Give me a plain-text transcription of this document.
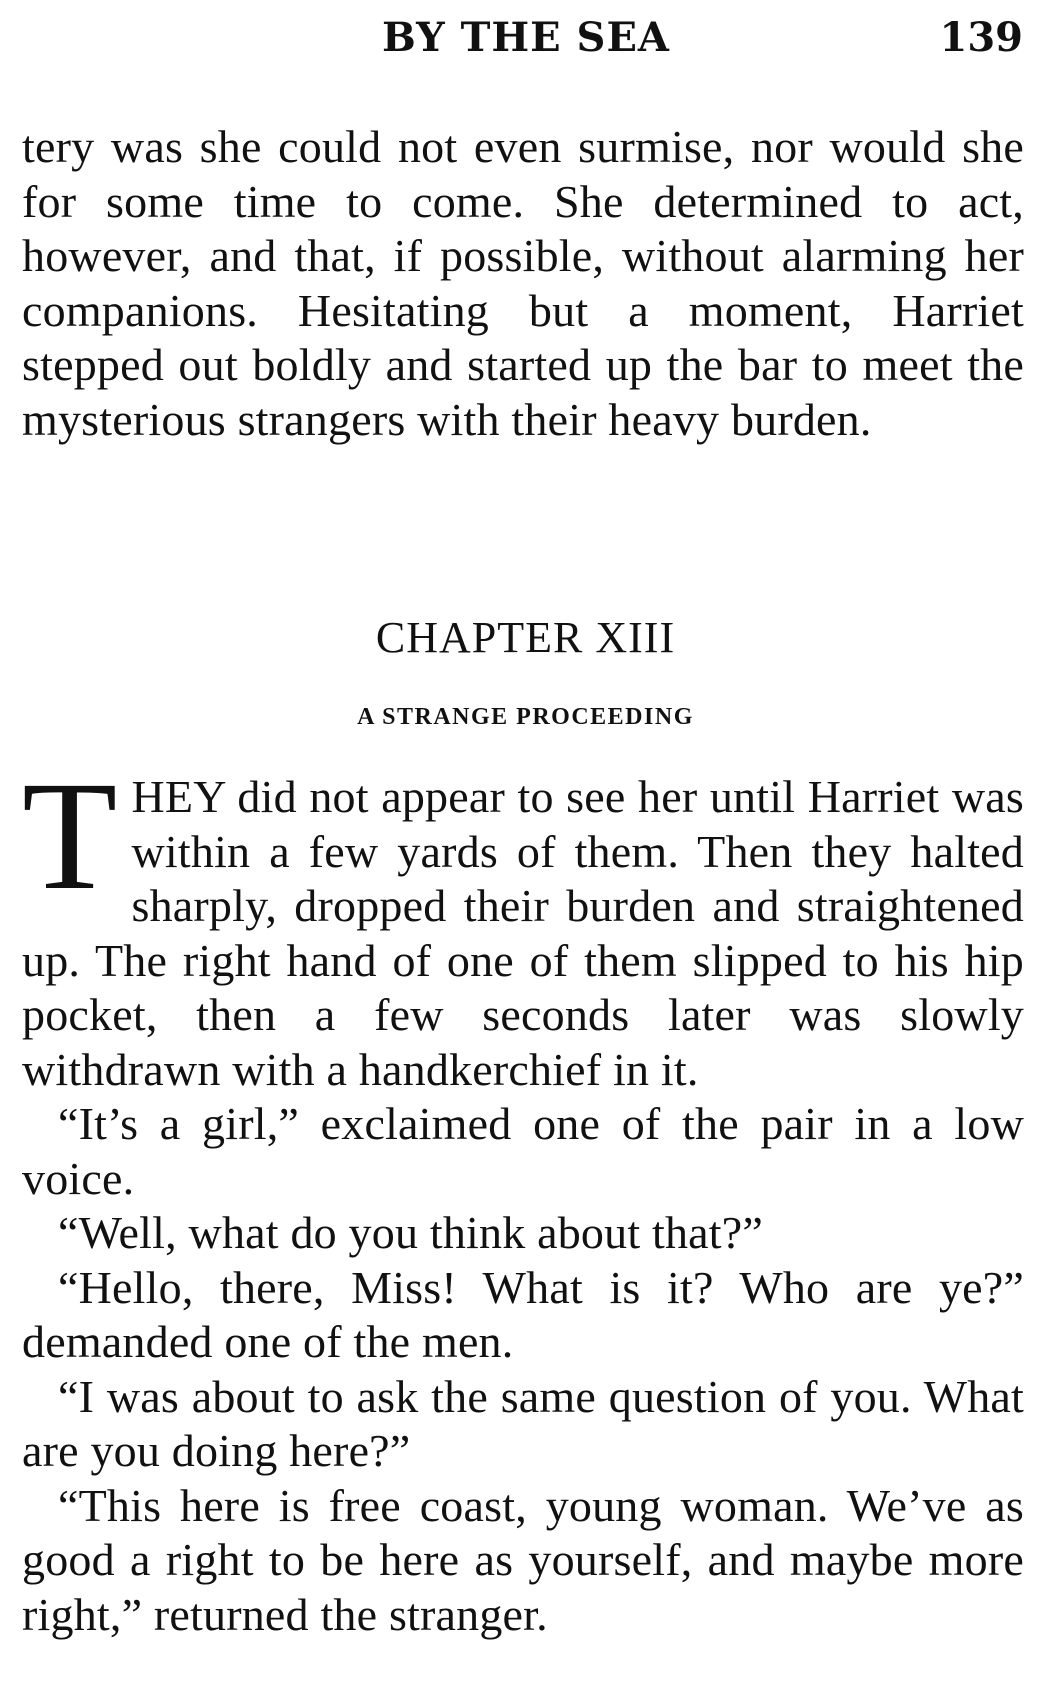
BY THE SEA	139

tery was she could not even surmise, nor would she for some time to come. She determined to act, however, and that, if possible, without alarming her companions. Hesitating but a moment, Harriet stepped out boldly and started up the bar to meet the mysterious strangers with their heavy burden.

CHAPTER XIII
A STRANGE PROCEEDING

THEY did not appear to see her until Harriet was within a few yards of them. Then they halted sharply, dropped their burden and straightened up. The right hand of one of them slipped to his hip pocket, then a few seconds later was slowly withdrawn with a handkerchief in it.

“It’s a girl,” exclaimed one of the pair in a low voice.

“Well, what do you think about that?”

“Hello, there, Miss! What is it? Who are ye?” demanded one of the men.

“I was about to ask the same question of you. What are you doing here?”

“This here is free coast, young woman. We’ve as good a right to be here as yourself, and maybe more right,” returned the stranger.
